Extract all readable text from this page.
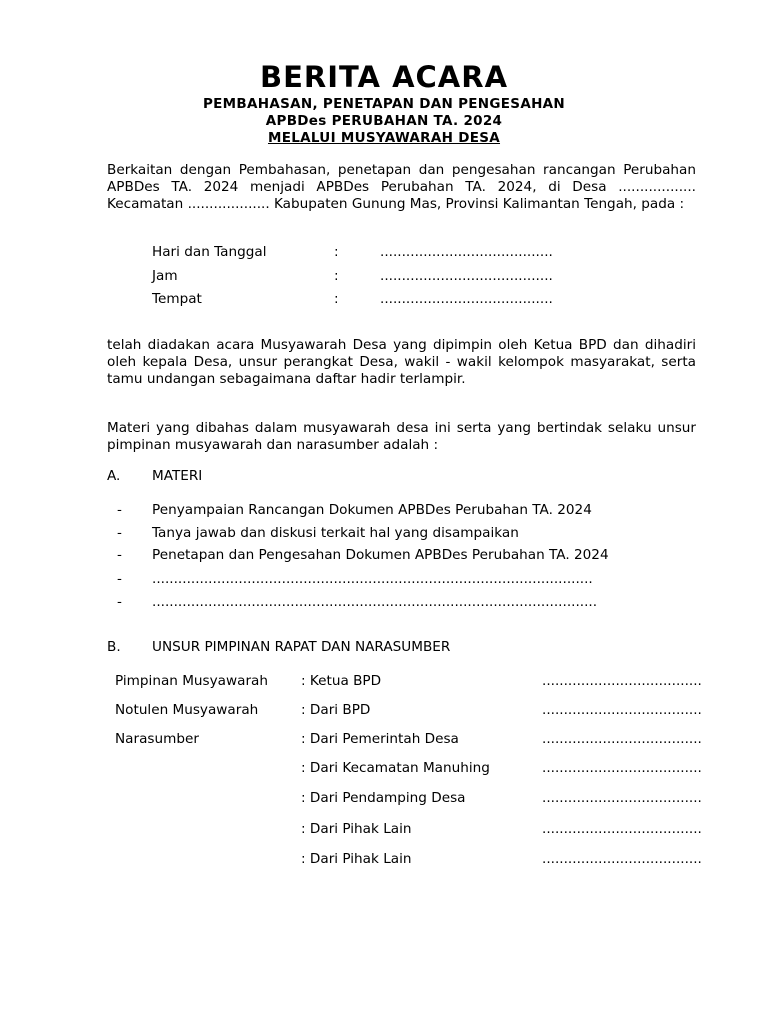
BERITA ACARA
PEMBAHASAN, PENETAPAN DAN PENGESAHAN
APBDes PERUBAHAN TA. 2024
MELALUI MUSYAWARAH DESA
Berkaitan dengan Pembahasan, penetapan dan pengesahan rancangan Perubahan APBDes TA. 2024 menjadi APBDes Perubahan TA. 2024, di Desa .................. Kecamatan ................... Kabupaten Gunung Mas, Provinsi Kalimantan Tengah, pada :
Hari dan Tanggal	:	........................................
Jam	:	........................................
Tempat	:	........................................
telah diadakan acara Musyawarah Desa yang dipimpin oleh Ketua BPD dan dihadiri oleh kepala Desa, unsur perangkat Desa, wakil - wakil kelompok masyarakat, serta tamu undangan sebagaimana daftar hadir terlampir.
Materi yang dibahas dalam musyawarah desa ini serta yang bertindak selaku unsur pimpinan musyawarah dan narasumber adalah :
A. MATERI
- Penyampaian Rancangan Dokumen APBDes Perubahan TA. 2024
- Tanya jawab dan diskusi terkait hal yang disampaikan
- Penetapan dan Pengesahan Dokumen APBDes Perubahan TA. 2024
- ......................................................................................................
- .......................................................................................................
B. UNSUR PIMPINAN RAPAT DAN NARASUMBER
Pimpinan Musyawarah : Ketua BPD	.....................................
Notulen Musyawarah	: Dari BPD	.....................................
Narasumber	: Dari Pemerintah Desa	.....................................
: Dari Kecamatan Manuhing	.....................................
: Dari Pendamping Desa	.....................................
: Dari Pihak Lain	.....................................
: Dari Pihak Lain	.....................................
